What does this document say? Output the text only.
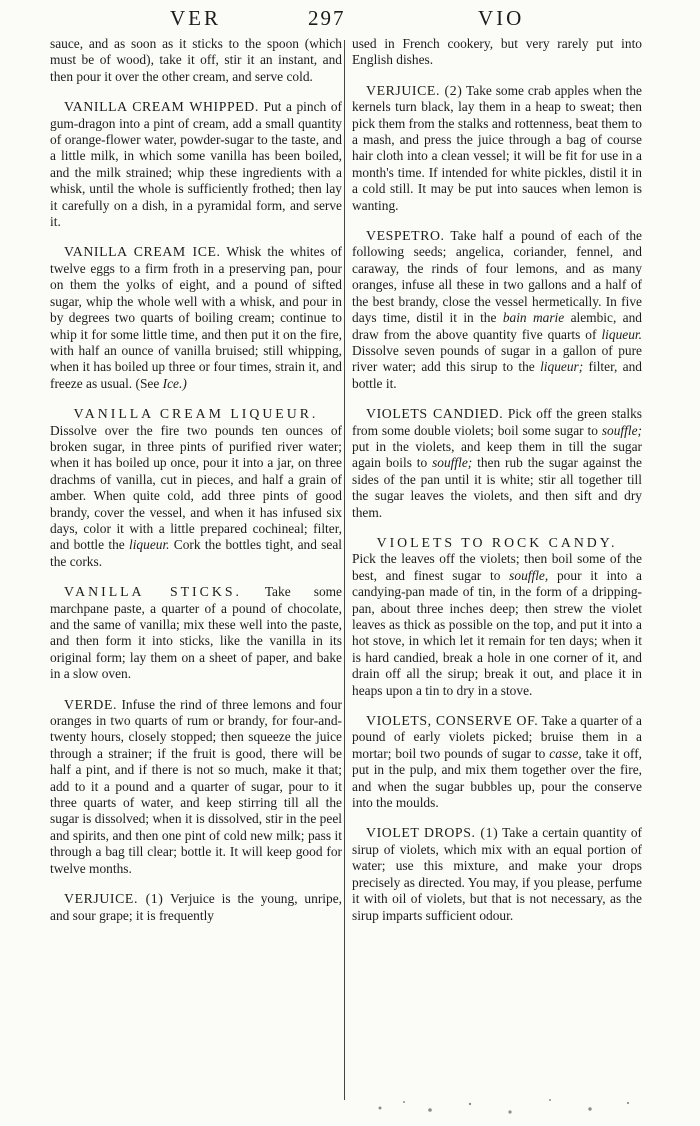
VER	297	VIO

sauce, and as soon as it sticks to the spoon (which must be of wood), take it off, stir it an instant, and then pour it over the other cream, and serve cold.

VANILLA CREAM WHIPPED. Put a pinch of gum-dragon into a pint of cream, add a small quantity of orange-flower water, powder-sugar to the taste, and a little milk, in which some vanilla has been boiled, and the milk strained; whip these ingredients with a whisk, until the whole is sufficiently frothed; then lay it carefully on a dish, in a pyramidal form, and serve it.

VANILLA CREAM ICE. Whisk the whites of twelve eggs to a firm froth in a preserving pan, pour on them the yolks of eight, and a pound of sifted sugar, whip the whole well with a whisk, and pour in by degrees two quarts of boiling cream; continue to whip it for some little time, and then put it on the fire, with half an ounce of vanilla bruised; still whipping, when it has boiled up three or four times, strain it, and freeze as usual. (See Ice.)

VANILLA CREAM LIQUEUR.

Dissolve over the fire two pounds ten ounces of broken sugar, in three pints of purified river water; when it has boiled up once, pour it into a jar, on three drachms of vanilla, cut in pieces, and half a grain of amber. When quite cold, add three pints of good brandy, cover the vessel, and when it has infused six days, color it with a little prepared cochineal; filter, and bottle the liqueur. Cork the bottles tight, and seal the corks.

VANILLA STICKS. Take some marchpane paste, a quarter of a pound of chocolate, and the same of vanilla; mix these well into the paste, and then form it into sticks, like the vanilla in its original form; lay them on a sheet of paper, and bake in a slow oven.

VERDE. Infuse the rind of three lemons and four oranges in two quarts of rum or brandy, for four-and-twenty hours, closely stopped; then squeeze the juice through a strainer; if the fruit is good, there will be half a pint, and if there is not so much, make it that; add to it a pound and a quarter of sugar, pour to it three quarts of water, and keep stirring till all the sugar is dissolved; when it is dissolved, stir in the peel and spirits, and then one pint of cold new milk; pass it through a bag till clear; bottle it. It will keep good for twelve months.

VERJUICE. (1) Verjuice is the young, unripe, and sour grape; it is frequently

used in French cookery, but very rarely put into English dishes.

VERJUICE. (2) Take some crab apples when the kernels turn black, lay them in a heap to sweat; then pick them from the stalks and rottenness, beat them to a mash, and press the juice through a bag of course hair cloth into a clean vessel; it will be fit for use in a month's time. If intended for white pickles, distil it in a cold still. It may be put into sauces when lemon is wanting.

VESPETRO. Take half a pound of each of the following seeds; angelica, coriander, fennel, and caraway, the rinds of four lemons, and as many oranges, infuse all these in two gallons and a half of the best brandy, close the vessel hermetically. In five days time, distil it in the bain marie alembic, and draw from the above quantity five quarts of liqueur. Dissolve seven pounds of sugar in a gallon of pure river water; add this sirup to the liqueur; filter, and bottle it.

VIOLETS CANDIED. Pick off the green stalks from some double violets; boil some sugar to souffle; put in the violets, and keep them in till the sugar again boils to souffle; then rub the sugar against the sides of the pan until it is white; stir all together till the sugar leaves the violets, and then sift and dry them.

VIOLETS TO ROCK CANDY.

Pick the leaves off the violets; then boil some of the best, and finest sugar to souffle, pour it into a candying-pan made of tin, in the form of a dripping-pan, about three inches deep; then strew the violet leaves as thick as possible on the top, and put it into a hot stove, in which let it remain for ten days; when it is hard candied, break a hole in one corner of it, and drain off all the sirup; break it out, and place it in heaps upon a tin to dry in a stove.

VIOLETS, CONSERVE OF. Take a quarter of a pound of early violets picked; bruise them in a mortar; boil two pounds of sugar to casse, take it off, put in the pulp, and mix them together over the fire, and when the sugar bubbles up, pour the conserve into the moulds.

VIOLET DROPS. (1) Take a certain quantity of sirup of violets, which mix with an equal portion of water; use this mixture, and make your drops precisely as directed. You may, if you please, perfume it with oil of violets, but that is not necessary, as the sirup imparts sufficient odour.
